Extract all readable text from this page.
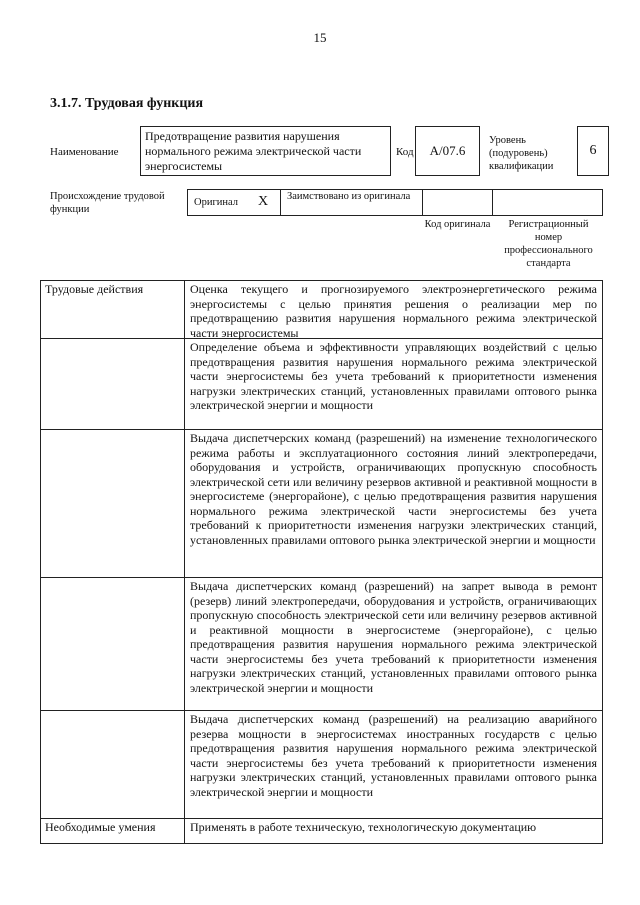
15
3.1.7. Трудовая функция
Наименование
Предотвращение развития нарушения нормального режима электрической части энергосистемы
Код А/07.6
Уровень (подуровень) квалификации
6
Происхождение трудовой функции
Оригинал X Заимствовано из оригинала
Код оригинала	Регистрационный номер профессионального стандарта
Трудовые действия	Оценка текущего и прогнозируемого электроэнергетического режима энергосистемы с целью принятия решения о реализации мер по предотвращению развития нарушения нормального режима электрической части энергосистемы
Определение объема и эффективности управляющих воздействий с целью предотвращения развития нарушения нормального режима электрической части энергосистемы без учета требований к приоритетности изменения нагрузки электрических станций, установленных правилами оптового рынка электрической энергии и мощности
Выдача диспетчерских команд (разрешений) на изменение технологического режима работы и эксплуатационного состояния линий электропередачи, оборудования и устройств, ограничивающих пропускную способность электрической сети или величину резервов активной и реактивной мощности в энергосистеме (энергорайоне), с целью предотвращения развития нарушения нормального режима электрической части энергосистемы без учета требований к приоритетности изменения нагрузки электрических станций, установленных правилами оптового рынка электрической энергии и мощности
Выдача диспетчерских команд (разрешений) на запрет вывода в ремонт (резерв) линий электропередачи, оборудования и устройств, ограничивающих пропускную способность электрической сети или величину резервов активной и реактивной мощности в энергосистеме (энергорайоне), с целью предотвращения развития нарушения нормального режима электрической части энергосистемы без учета требований к приоритетности изменения нагрузки электрических станций, установленных правилами оптового рынка электрической энергии и мощности
Выдача диспетчерских команд (разрешений) на реализацию аварийного резерва мощности в энергосистемах иностранных государств с целью предотвращения развития нарушения нормального режима электрической части энергосистемы без учета требований к приоритетности изменения нагрузки электрических станций, установленных правилами оптового рынка электрической энергии и мощности
Необходимые умения	Применять в работе техническую, технологическую документацию
